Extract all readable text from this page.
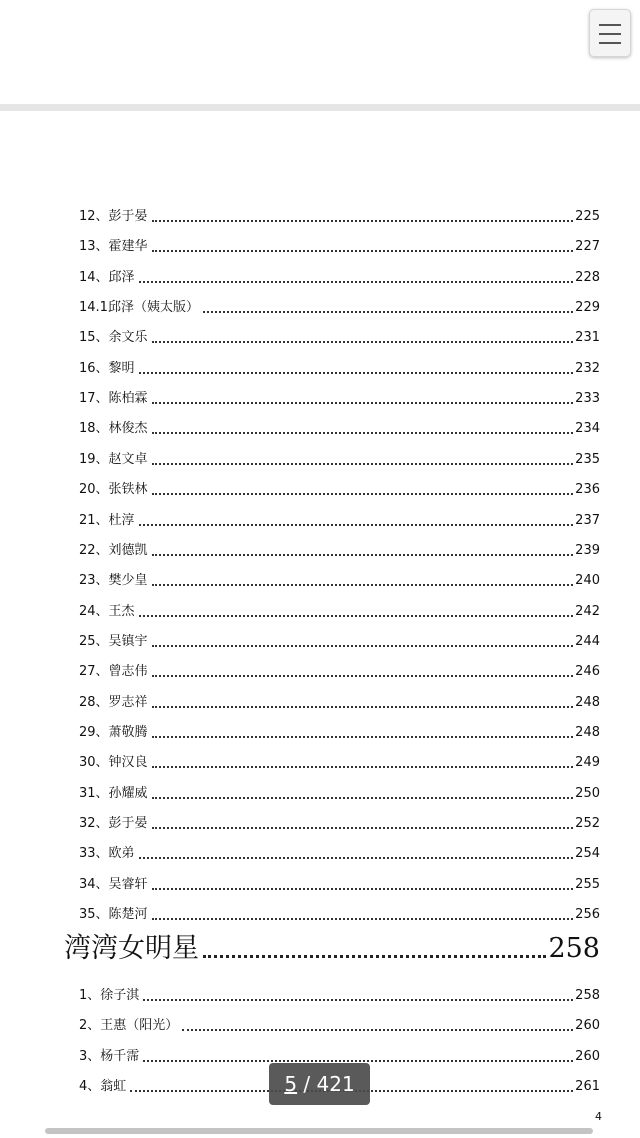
12、彭于晏	225
13、霍建华	227
14、邱泽	228
14.1邱泽（姨太版）	229
15、余文乐	231
16、黎明	232
17、陈柏霖	233
18、林俊杰	234
19、赵文卓	235
20、张铁林	236
21、杜淳	237
22、刘德凯	239
23、樊少皇	240
24、王杰	242
25、吴镇宇	244
27、曾志伟	246
28、罗志祥	248
29、萧敬腾	248
30、钟汉良	249
31、孙耀威	250
32、彭于晏	252
33、欧弟	254
34、吴睿轩	255
35、陈楚河	256
湾湾女明星	258
1、徐子淇	258
2、王惠（阳光）	260
3、杨千霈	260
4、翁虹	261
4
5 / 421
